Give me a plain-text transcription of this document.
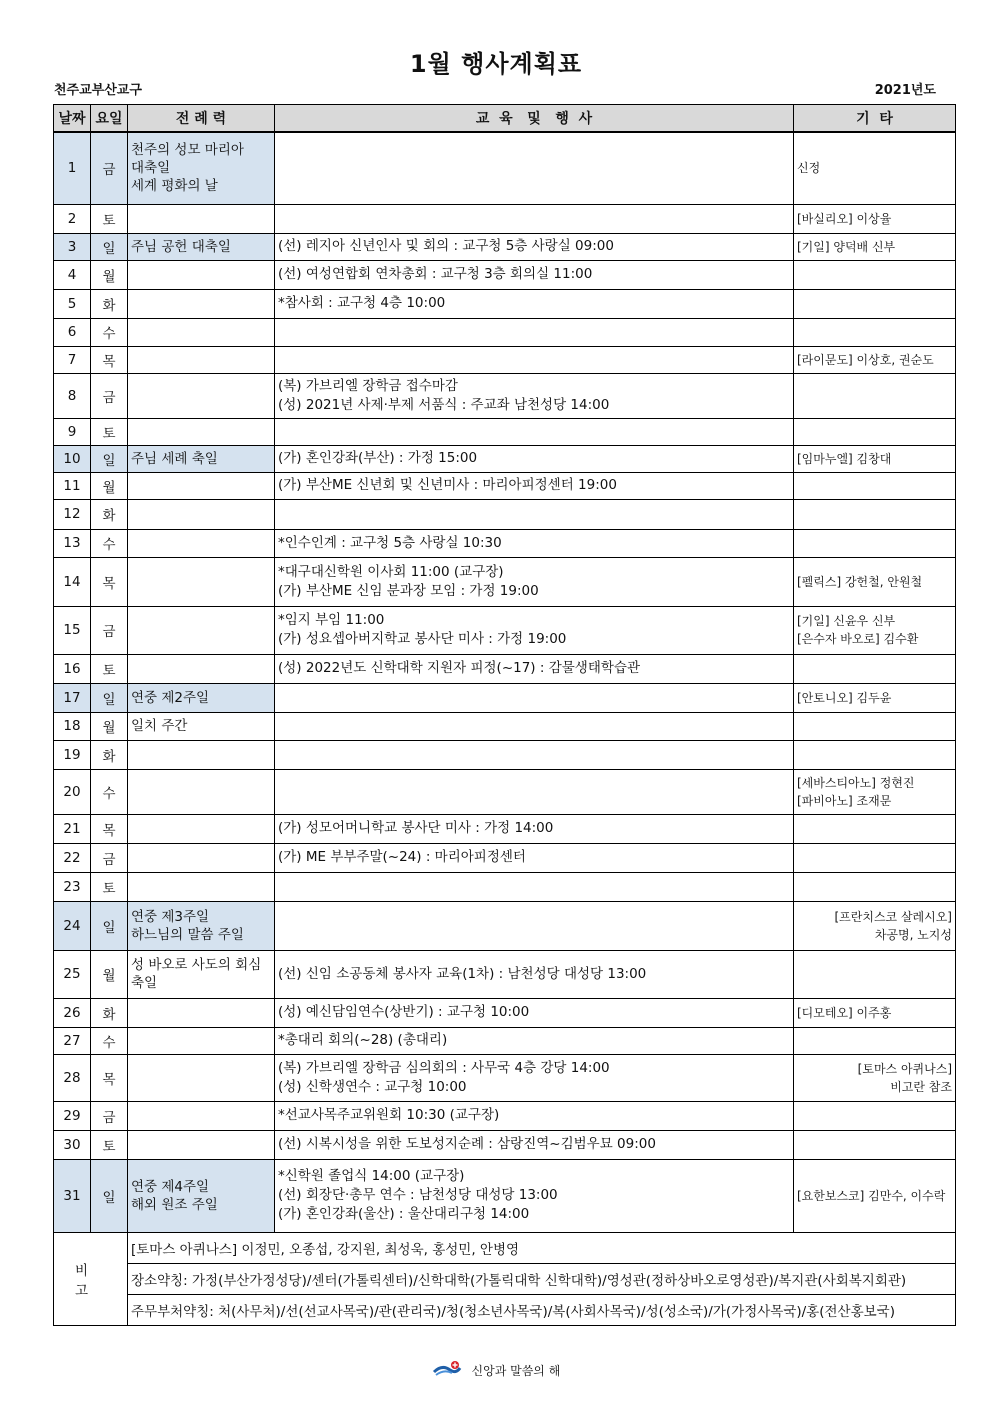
1월 행사계획표
천주교부산교구	2021년도
날짜	요일	전 례 력	교  육   및   행  사	기  타
1	금	천주의 성모 마리아
대축일
세계 평화의 날		신정
2	토			[바실리오] 이상율
3	일	주님 공헌 대축일	(선) 레지아 신년인사 및 회의 : 교구청 5층 사랑실 09:00	[기일] 양덕배 신부
4	월		(선) 여성연합회 연차총회 : 교구청 3층 회의실 11:00	
5	화		*참사회 : 교구청 4층 10:00	
6	수			
7	목			[라이문도] 이상호, 권순도
8	금		(복) 가브리엘 장학금 접수마감
(성) 2021년 사제·부제 서품식 : 주교좌 남천성당 14:00	
9	토			
10	일	주님 세례 축일	(가) 혼인강좌(부산) : 가정 15:00	[임마누엘] 김창대
11	월		(가) 부산ME 신년회 및 신년미사 : 마리아피정센터 19:00	
12	화			
13	수		*인수인계 : 교구청 5층 사랑실 10:30	
14	목		*대구대신학원 이사회 11:00 (교구장)
(가) 부산ME 신임 분과장 모임 : 가정 19:00	[펠릭스] 강헌철, 안원철
15	금		*임지 부임 11:00
(가) 성요셉아버지학교 봉사단 미사 : 가정 19:00	[기일] 신윤우 신부
[은수자 바오로] 김수환
16	토		(성) 2022년도 신학대학 지원자 피정(~17) : 감물생태학습관	
17	일	연중 제2주일		[안토니오] 김두윤
18	월	일치 주간		
19	화			
20	수			[세바스티아노] 정현진
[파비아노] 조재문
21	목		(가) 성모어머니학교 봉사단 미사 : 가정 14:00	
22	금		(가) ME 부부주말(~24) : 마리아피정센터	
23	토			
24	일	연중 제3주일
하느님의 말씀 주일		[프란치스코 살레시오]
차공명, 노지성
25	월	성 바오로 사도의 회심
축일	(선) 신임 소공동체 봉사자 교육(1차) : 남천성당 대성당 13:00	
26	화		(성) 예신담임연수(상반기) : 교구청 10:00	[디모테오] 이주홍
27	수		*총대리 회의(~28) (총대리)	
28	목		(복) 가브리엘 장학금 심의회의 : 사무국 4층 강당 14:00
(성) 신학생연수 : 교구청 10:00	[토마스 아퀴나스]
비고란 참조
29	금		*선교사목주교위원회 10:30 (교구장)	
30	토		(선) 시복시성을 위한 도보성지순례 : 삼랑진역~김범우묘 09:00	
31	일	연중 제4주일
해외 원조 주일	*신학원 졸업식 14:00 (교구장)
(선) 회장단·총무 연수 : 남천성당 대성당 13:00
(가) 혼인강좌(울산) : 울산대리구청 14:00	[요한보스코] 김만수, 이수락
비 고		[토마스 아퀴나스] 이정민, 오종섭, 강지원, 최성욱, 홍성민, 안병영		
		장소약칭: 가정(부산가정성당)/센터(가톨릭센터)/신학대학(가톨릭대학 신학대학)/영성관(정하상바오로영성관)/복지관(사회복지회관)		
		주무부처약칭: 처(사무처)/선(선교사목국)/관(관리국)/청(청소년사목국)/복(사회사목국)/성(성소국)/가(가정사목국)/홍(전산홍보국)		
신앙과 말씀의 해
